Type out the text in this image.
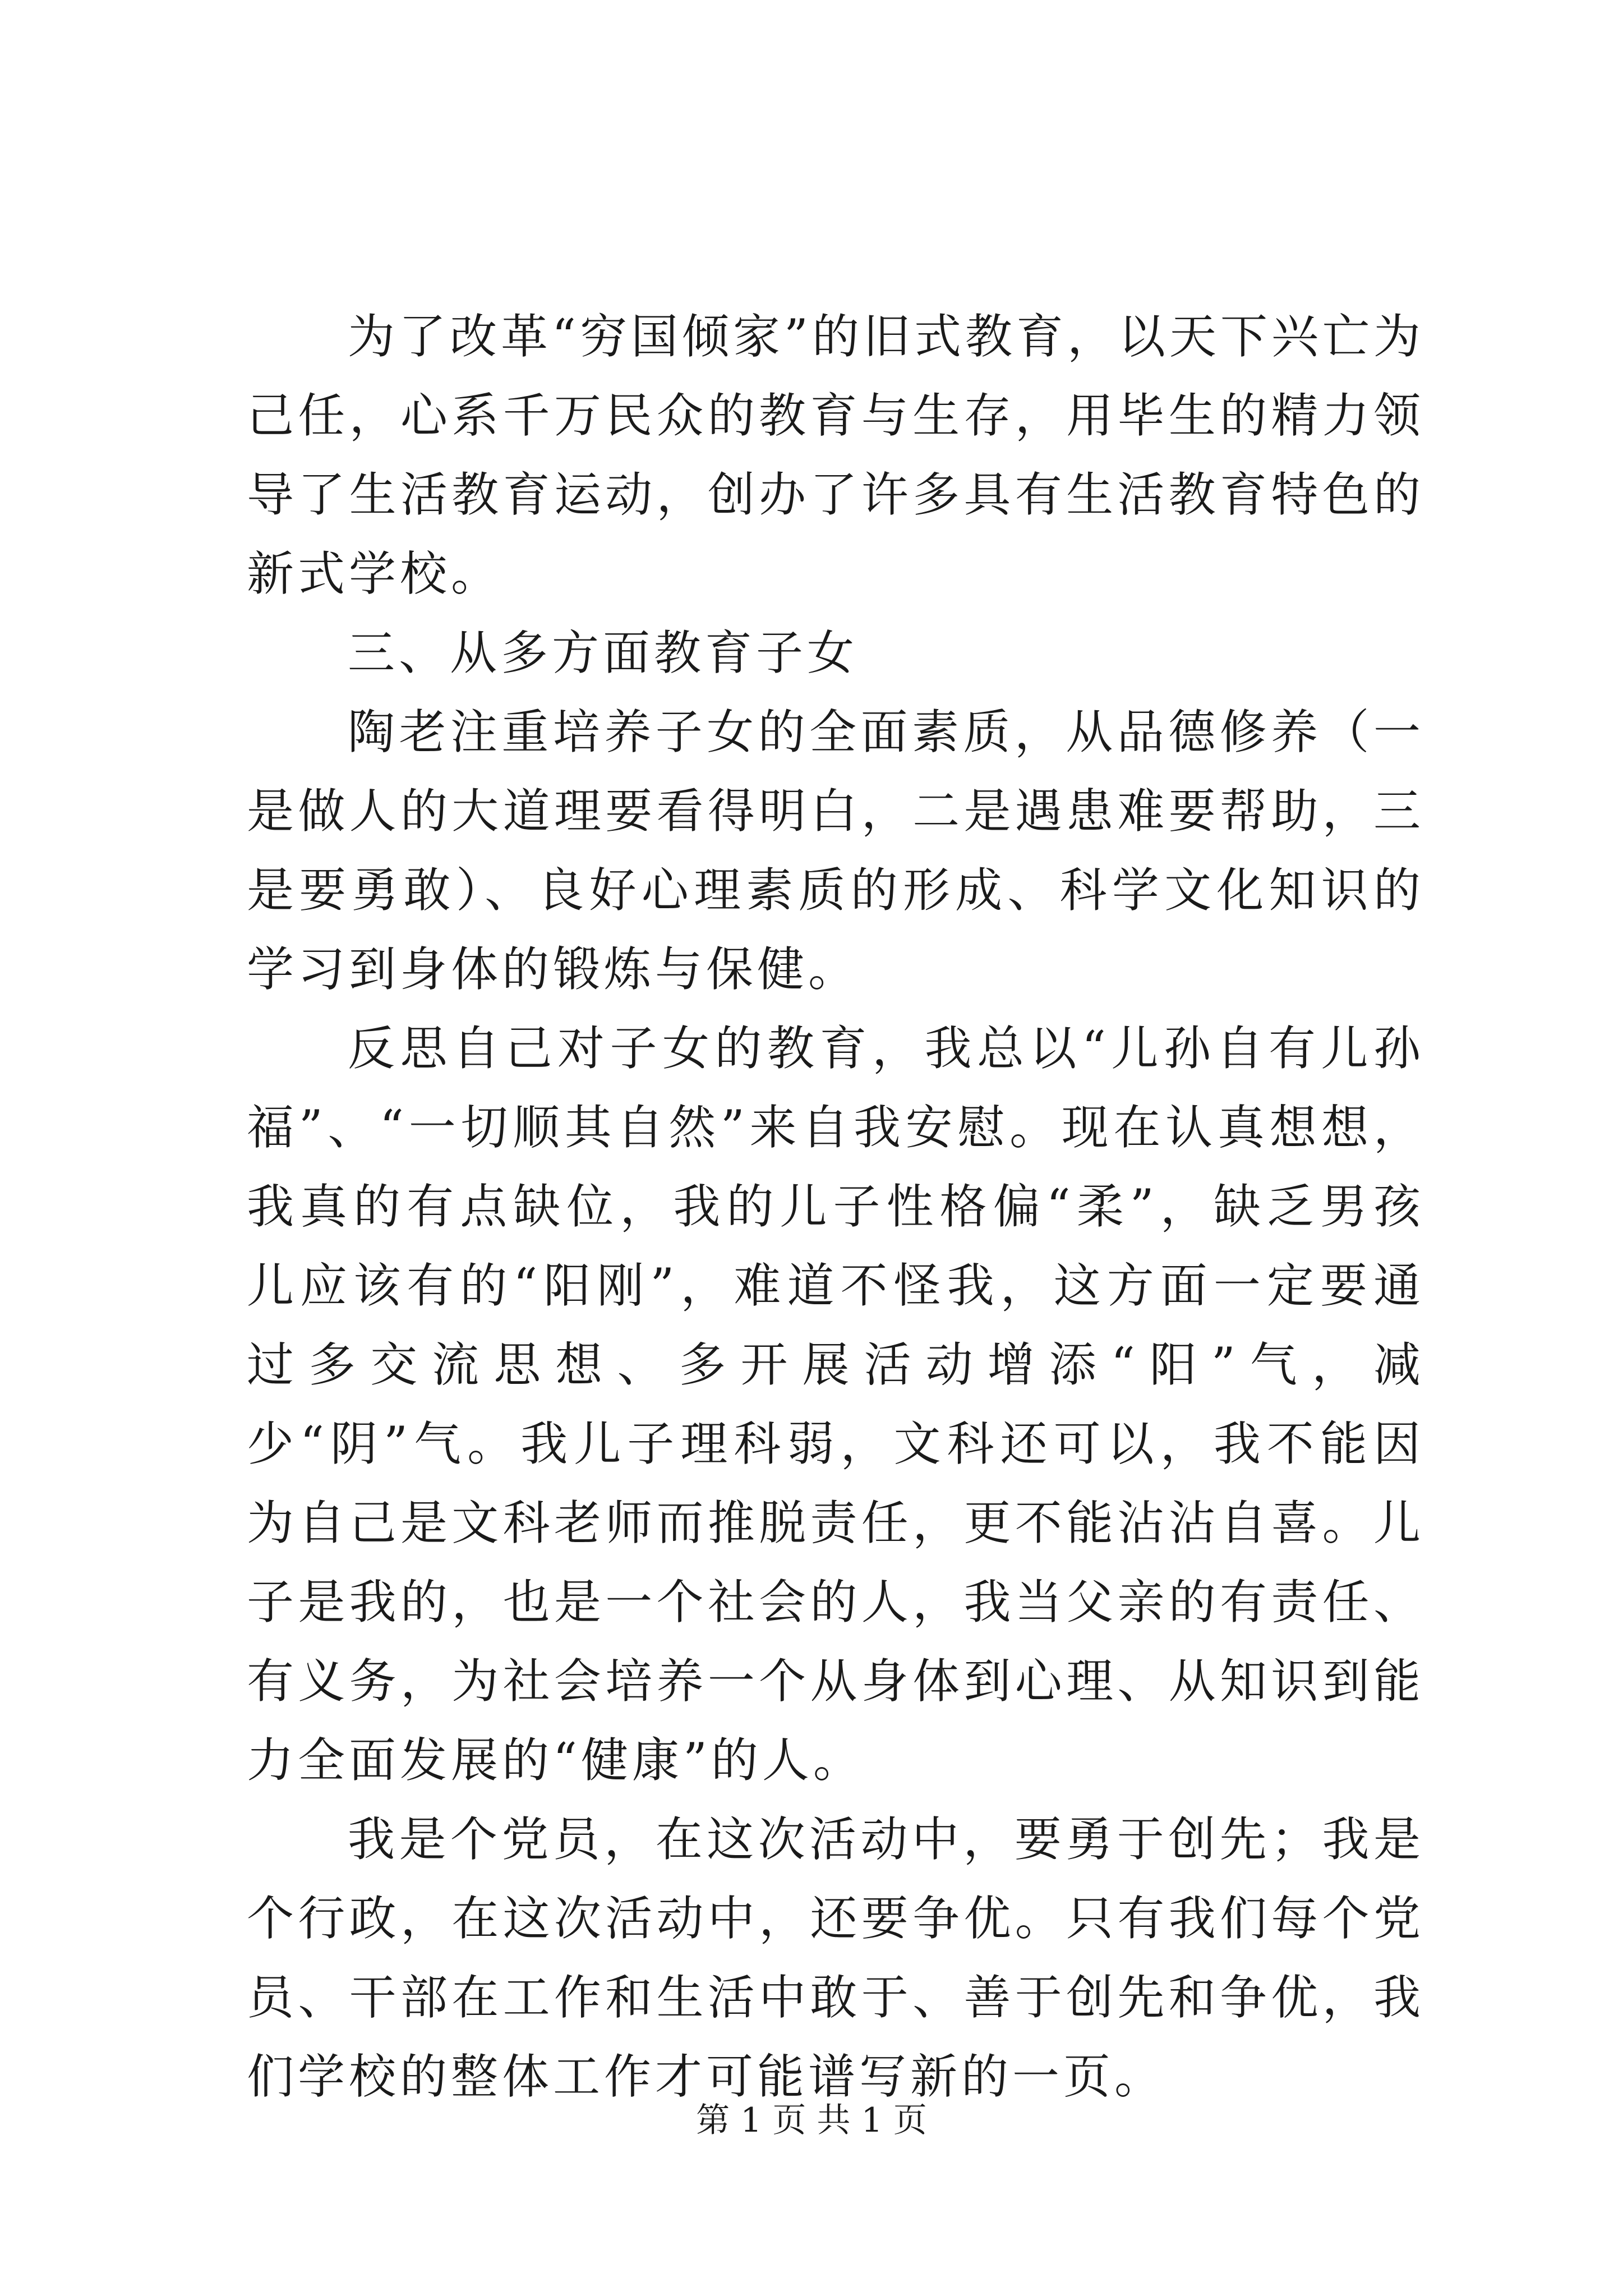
为了改革“穷国倾家”的旧式教育，以天下兴亡为己任，心系千万民众的教育与生存，用毕生的精力领导了生活教育运动，创办了许多具有生活教育特色的新式学校。

三、从多方面教育子女

陶老注重培养子女的全面素质，从品德修养（一是做人的大道理要看得明白，二是遇患难要帮助，三是要勇敢）、良好心理素质的形成、科学文化知识的学习到身体的锻炼与保健。

反思自己对子女的教育，我总以“儿孙自有儿孙福”、“一切顺其自然”来自我安慰。现在认真想想，我真的有点缺位，我的儿子性格偏“柔”，缺乏男孩儿应该有的“阳刚”，难道不怪我，这方面一定要通过多交流思想、多开展活动增添“阳”气，减少“阴”气。我儿子理科弱，文科还可以，我不能因为自己是文科老师而推脱责任，更不能沾沾自喜。儿子是我的，也是一个社会的人，我当父亲的有责任、有义务，为社会培养一个从身体到心理、从知识到能力全面发展的“健康”的人。

我是个党员，在这次活动中，要勇于创先；我是个行政，在这次活动中，还要争优。只有我们每个党员、干部在工作和生活中敢于、善于创先和争优，我们学校的整体工作才可能谱写新的一页。

第 1 页 共 1 页
